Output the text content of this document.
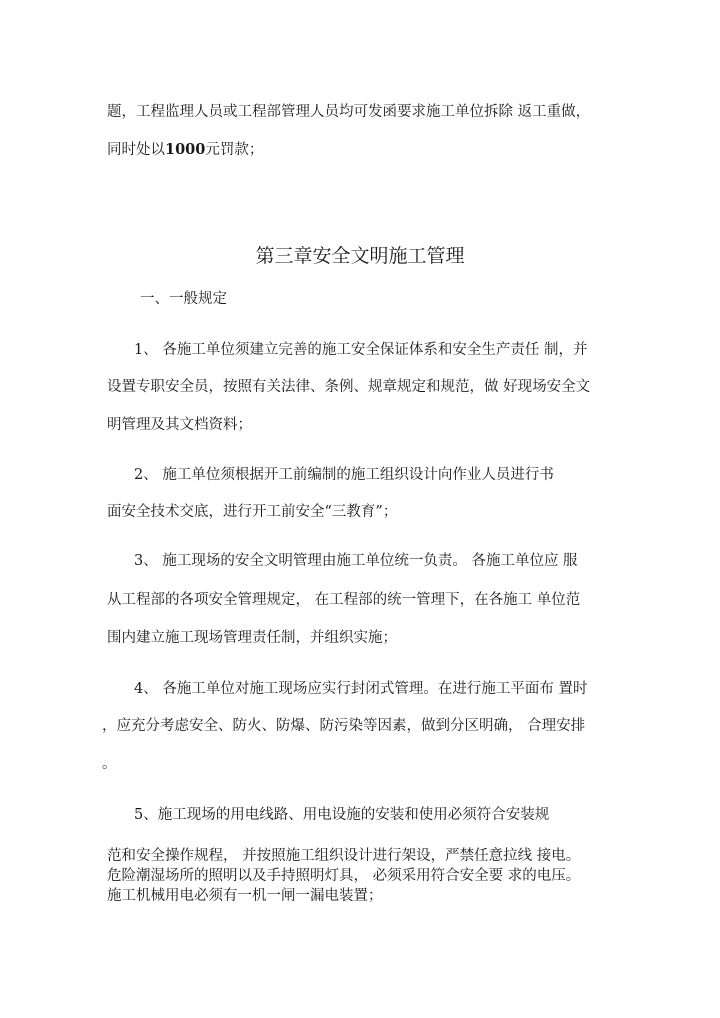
题，工程监理人员或工程部管理人员均可发函要求施工单位拆除 返工重做，
同时处以1000元罚款；
第三章安全文明施工管理
一、一般规定
1、 各施工单位须建立完善的施工安全保证体系和安全生产责任 制，并
设置专职安全员，按照有关法律、条例、规章规定和规范，做 好现场安全文
明管理及其文档资料；
2、 施工单位须根据开工前编制的施工组织设计向作业人员进行书
面安全技术交底，进行开工前安全“三教育”；
3、 施工现场的安全文明管理由施工单位统一负责。 各施工单位应 服
从工程部的各项安全管理规定， 在工程部的统一管理下，在各施工 单位范
围内建立施工现场管理责任制，并组织实施；
4、 各施工单位对施工现场应实行封闭式管理。在进行施工平面布 置时
，应充分考虑安全、防火、防爆、防污染等因素，做到分区明确， 合理安排
。
5、施工现场的用电线路、用电设施的安装和使用必须符合安装规
范和安全操作规程， 并按照施工组织设计进行架设，严禁任意拉线 接电。
危险潮湿场所的照明以及手持照明灯具， 必须采用符合安全要 求的电压。
施工机械用电必须有一机一闸一漏电装置；
